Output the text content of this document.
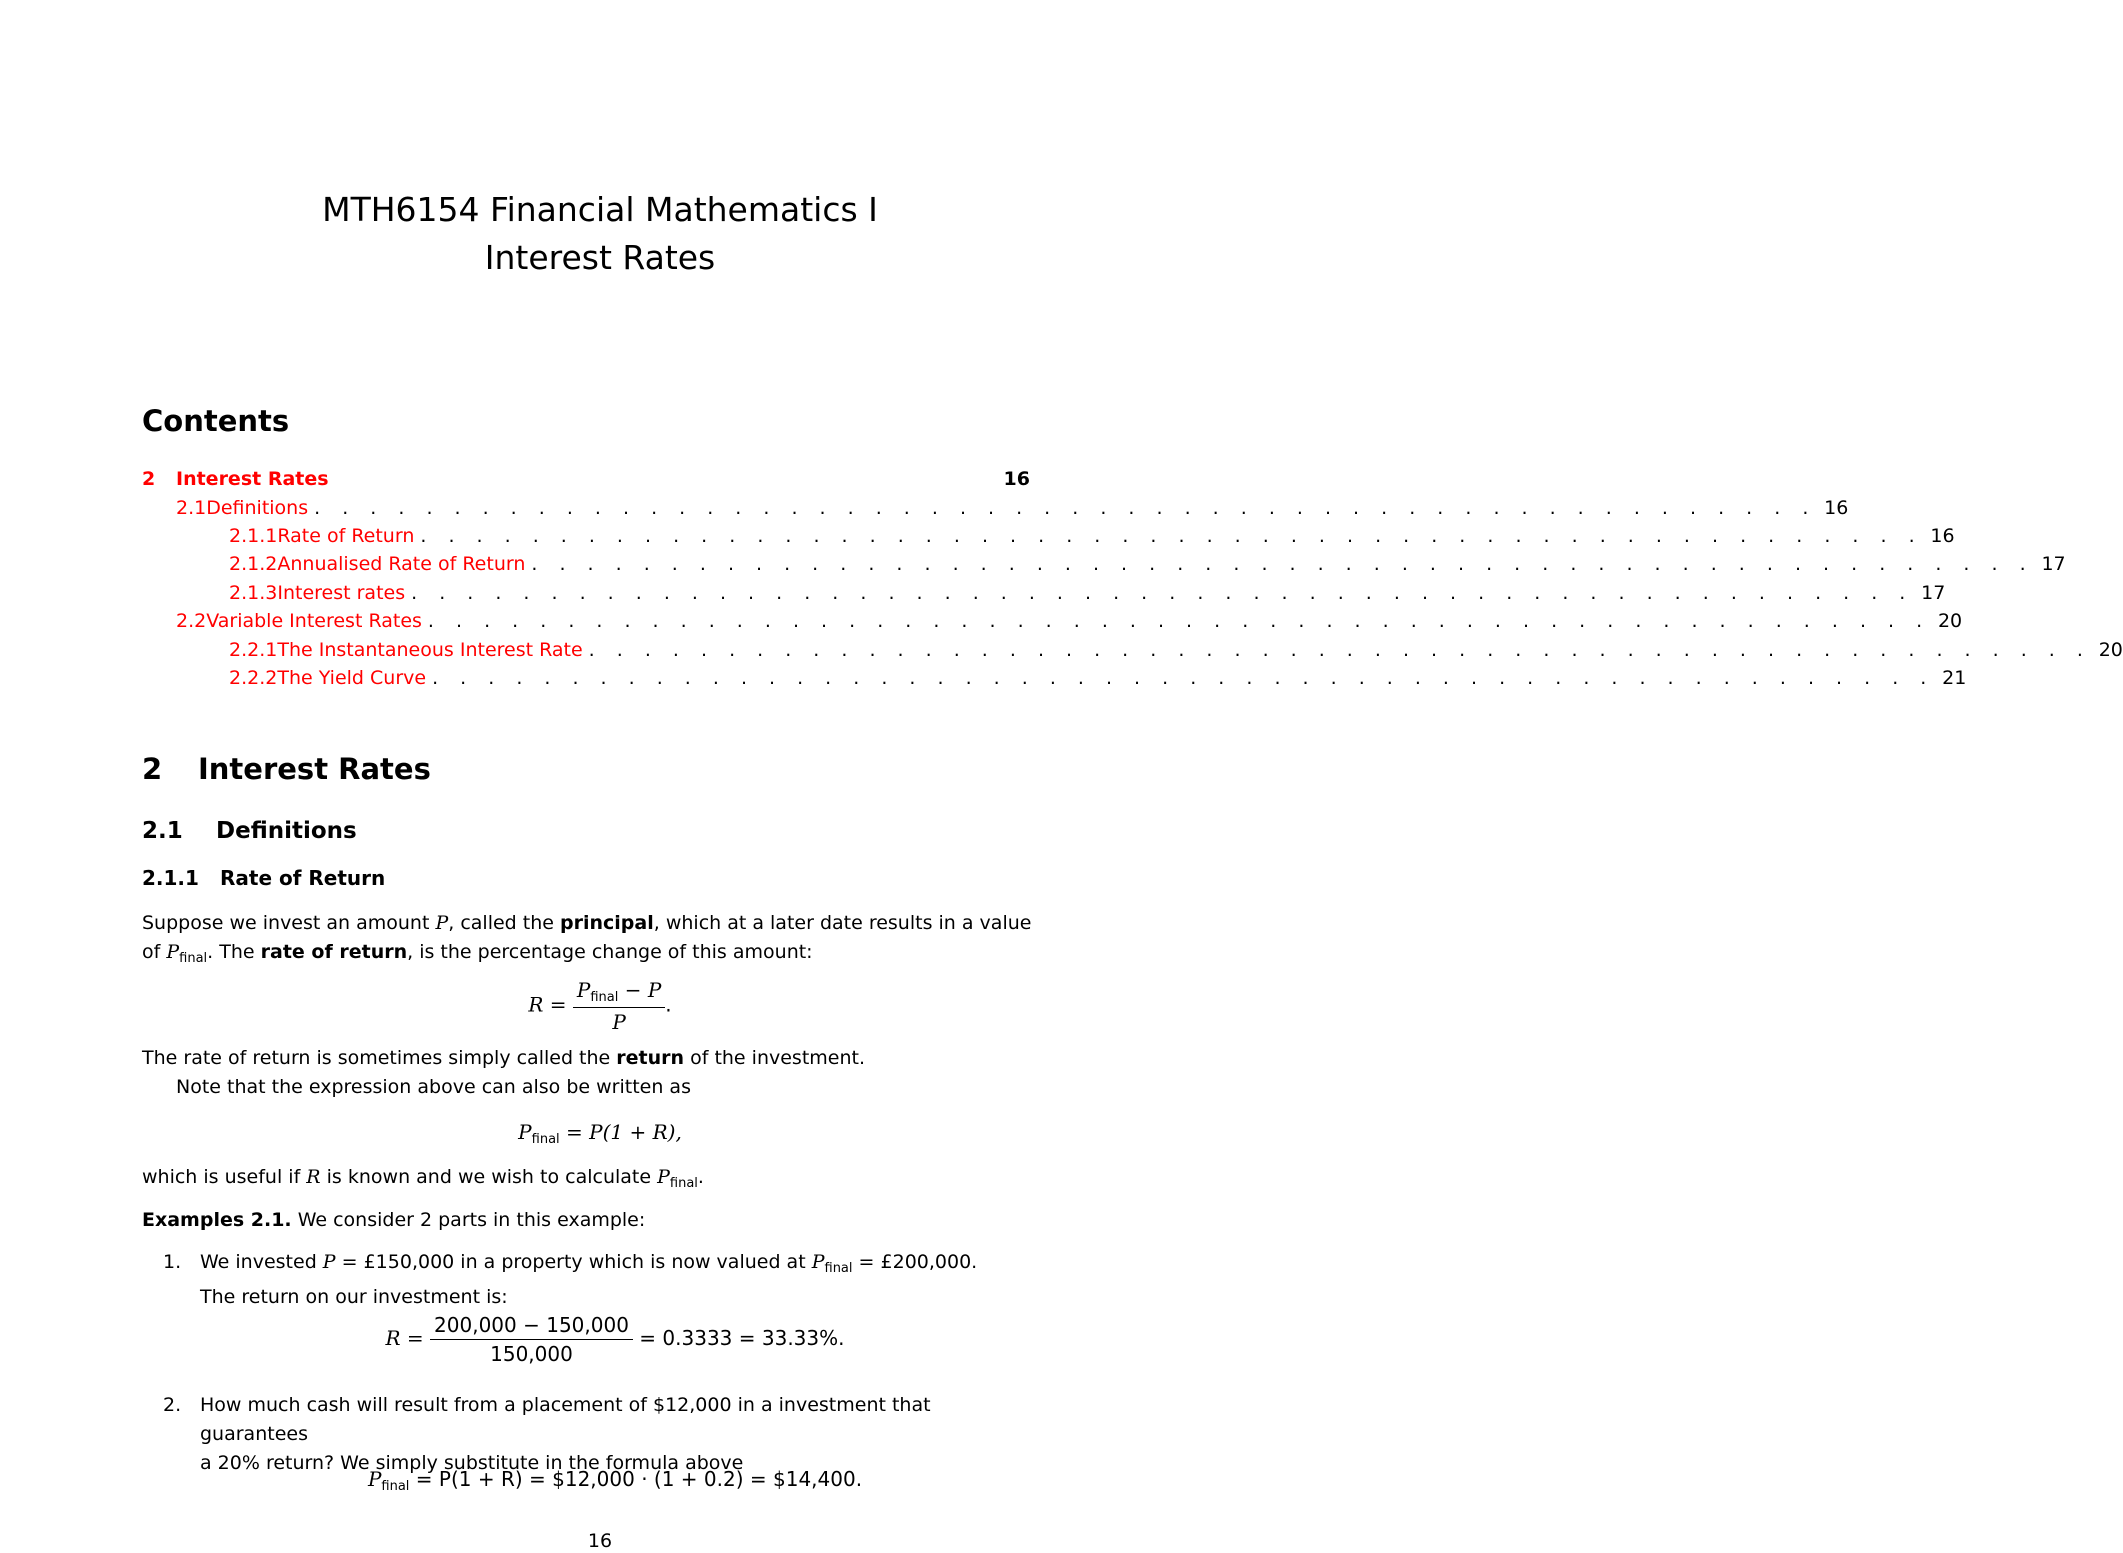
MTH6154 Financial Mathematics I
Interest Rates
Contents
2	Interest Rates	16
2.1 Definitions . . . . . . . . . . . . . . . . . . . . . . . . . . . . . . . . . . . . . . . . . . . . . . . . . . . . . . 16
2.1.1 Rate of Return . . . . . . . . . . . . . . . . . . . . . . . . . . . . . . . . . . . . . . . . . . . . . . . . . . . . . . 16
2.1.2 Annualised Rate of Return . . . . . . . . . . . . . . . . . . . . . . . . . . . . . . . . . . . . . . . . . . . . . . . . . . . . . . 17
2.1.3 Interest rates . . . . . . . . . . . . . . . . . . . . . . . . . . . . . . . . . . . . . . . . . . . . . . . . . . . . . . 17
2.2 Variable Interest Rates . . . . . . . . . . . . . . . . . . . . . . . . . . . . . . . . . . . . . . . . . . . . . . . . . . . . . . 20
2.2.1 The Instantaneous Interest Rate . . . . . . . . . . . . . . . . . . . . . . . . . . . . . . . . . . . . . . . . . . . . . . . . . . . . . . 20
2.2.2 The Yield Curve . . . . . . . . . . . . . . . . . . . . . . . . . . . . . . . . . . . . . . . . . . . . . . . . . . . . . . 21
2 Interest Rates
2.1 Definitions
2.1.1 Rate of Return
Suppose we invest an amount P, called the principal, which at a later date results in a value of $P_{final}$. The rate of return, is the percentage change of this amount:
$R = \frac{P_{final} - P}{P}$ .
The rate of return is sometimes simply called the return of the investment.
Note that the expression above can also be written as
$P_{final} = P(1 + R)$,
which is useful if R is known and we wish to calculate $P_{final}$.
Examples 2.1. We consider 2 parts in this example:
1. We invested P = £150,000 in a property which is now valued at $P_{final}$ = £200,000.
The return on our investment is:
$R = \frac{200,000 - 150,000}{150,000} = 0.3333 = 33.33\%$.
2. How much cash will result from a placement of $12,000 in a investment that guarantees
a 20% return? We simply substitute in the formula above
$P_{final} = P(1 + R)$ = $12,000 · (1 + 0.2) = $14,400.
16
